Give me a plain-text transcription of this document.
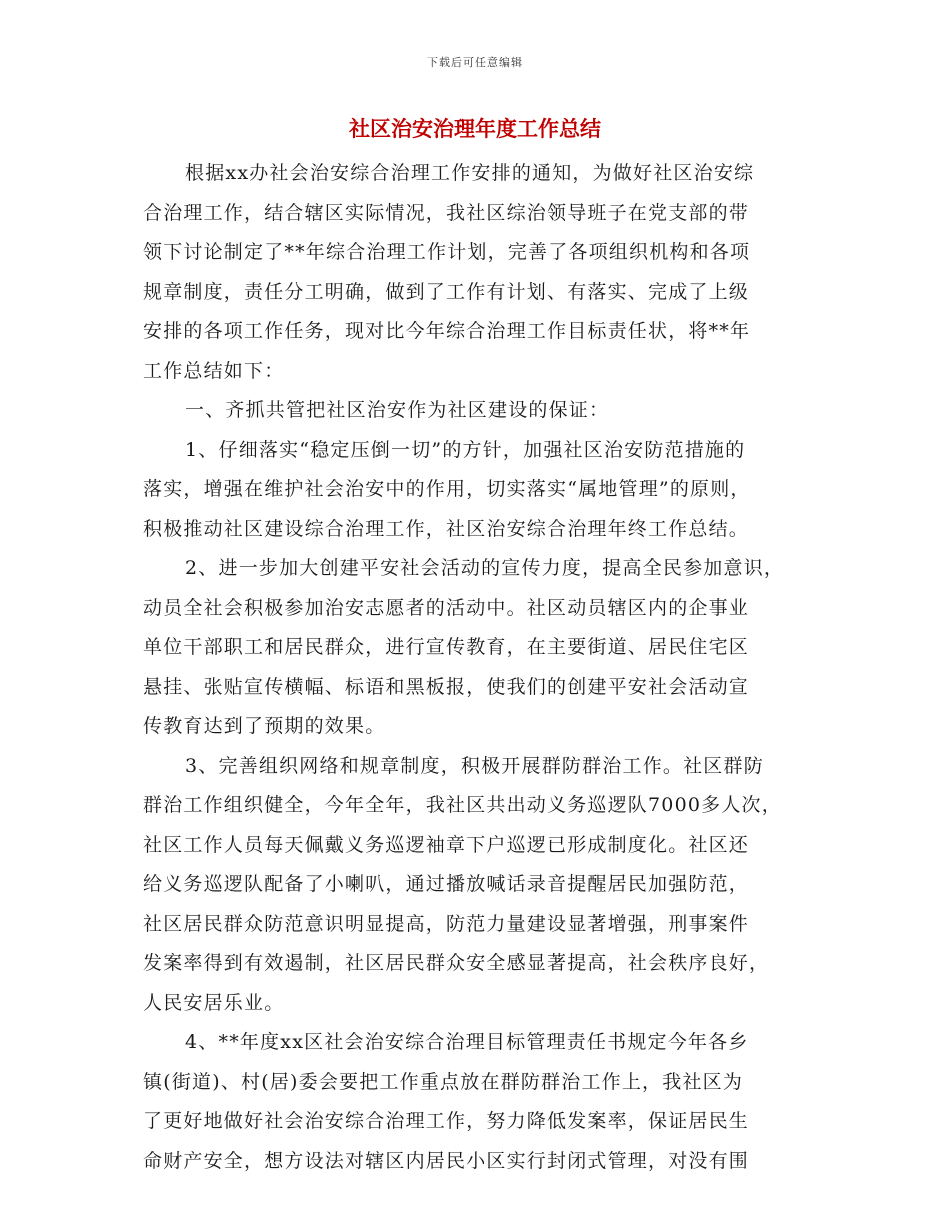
下载后可任意编辑
社区治安治理年度工作总结

根据xx办社会治安综合治理工作安排的通知，为做好社区治安综
合治理工作，结合辖区实际情况，我社区综治领导班子在党支部的带
领下讨论制定了**年综合治理工作计划，完善了各项组织机构和各项
规章制度，责任分工明确，做到了工作有计划、有落实、完成了上级
安排的各项工作任务，现对比今年综合治理工作目标责任状，将**年
工作总结如下：

一、齐抓共管把社区治安作为社区建设的保证：

1、仔细落实“稳定压倒一切”的方针，加强社区治安防范措施的
落实，增强在维护社会治安中的作用，切实落实“属地管理”的原则，
积极推动社区建设综合治理工作，社区治安综合治理年终工作总结。

2、进一步加大创建平安社会活动的宣传力度，提高全民参加意识，
动员全社会积极参加治安志愿者的活动中。社区动员辖区内的企事业
单位干部职工和居民群众，进行宣传教育，在主要街道、居民住宅区
悬挂、张贴宣传横幅、标语和黑板报，使我们的创建平安社会活动宣
传教育达到了预期的效果。

3、完善组织网络和规章制度，积极开展群防群治工作。社区群防
群治工作组织健全，今年全年，我社区共出动义务巡逻队7000多人次，
社区工作人员每天佩戴义务巡逻袖章下户巡逻已形成制度化。社区还
给义务巡逻队配备了小喇叭，通过播放喊话录音提醒居民加强防范，
社区居民群众防范意识明显提高，防范力量建设显著增强，刑事案件
发案率得到有效遏制，社区居民群众安全感显著提高，社会秩序良好，
人民安居乐业。

4、**年度xx区社会治安综合治理目标管理责任书规定今年各乡
镇(街道)、村(居)委会要把工作重点放在群防群治工作上，我社区为
了更好地做好社会治安综合治理工作，努力降低发案率，保证居民生
命财产安全，想方设法对辖区内居民小区实行封闭式管理，对没有围
